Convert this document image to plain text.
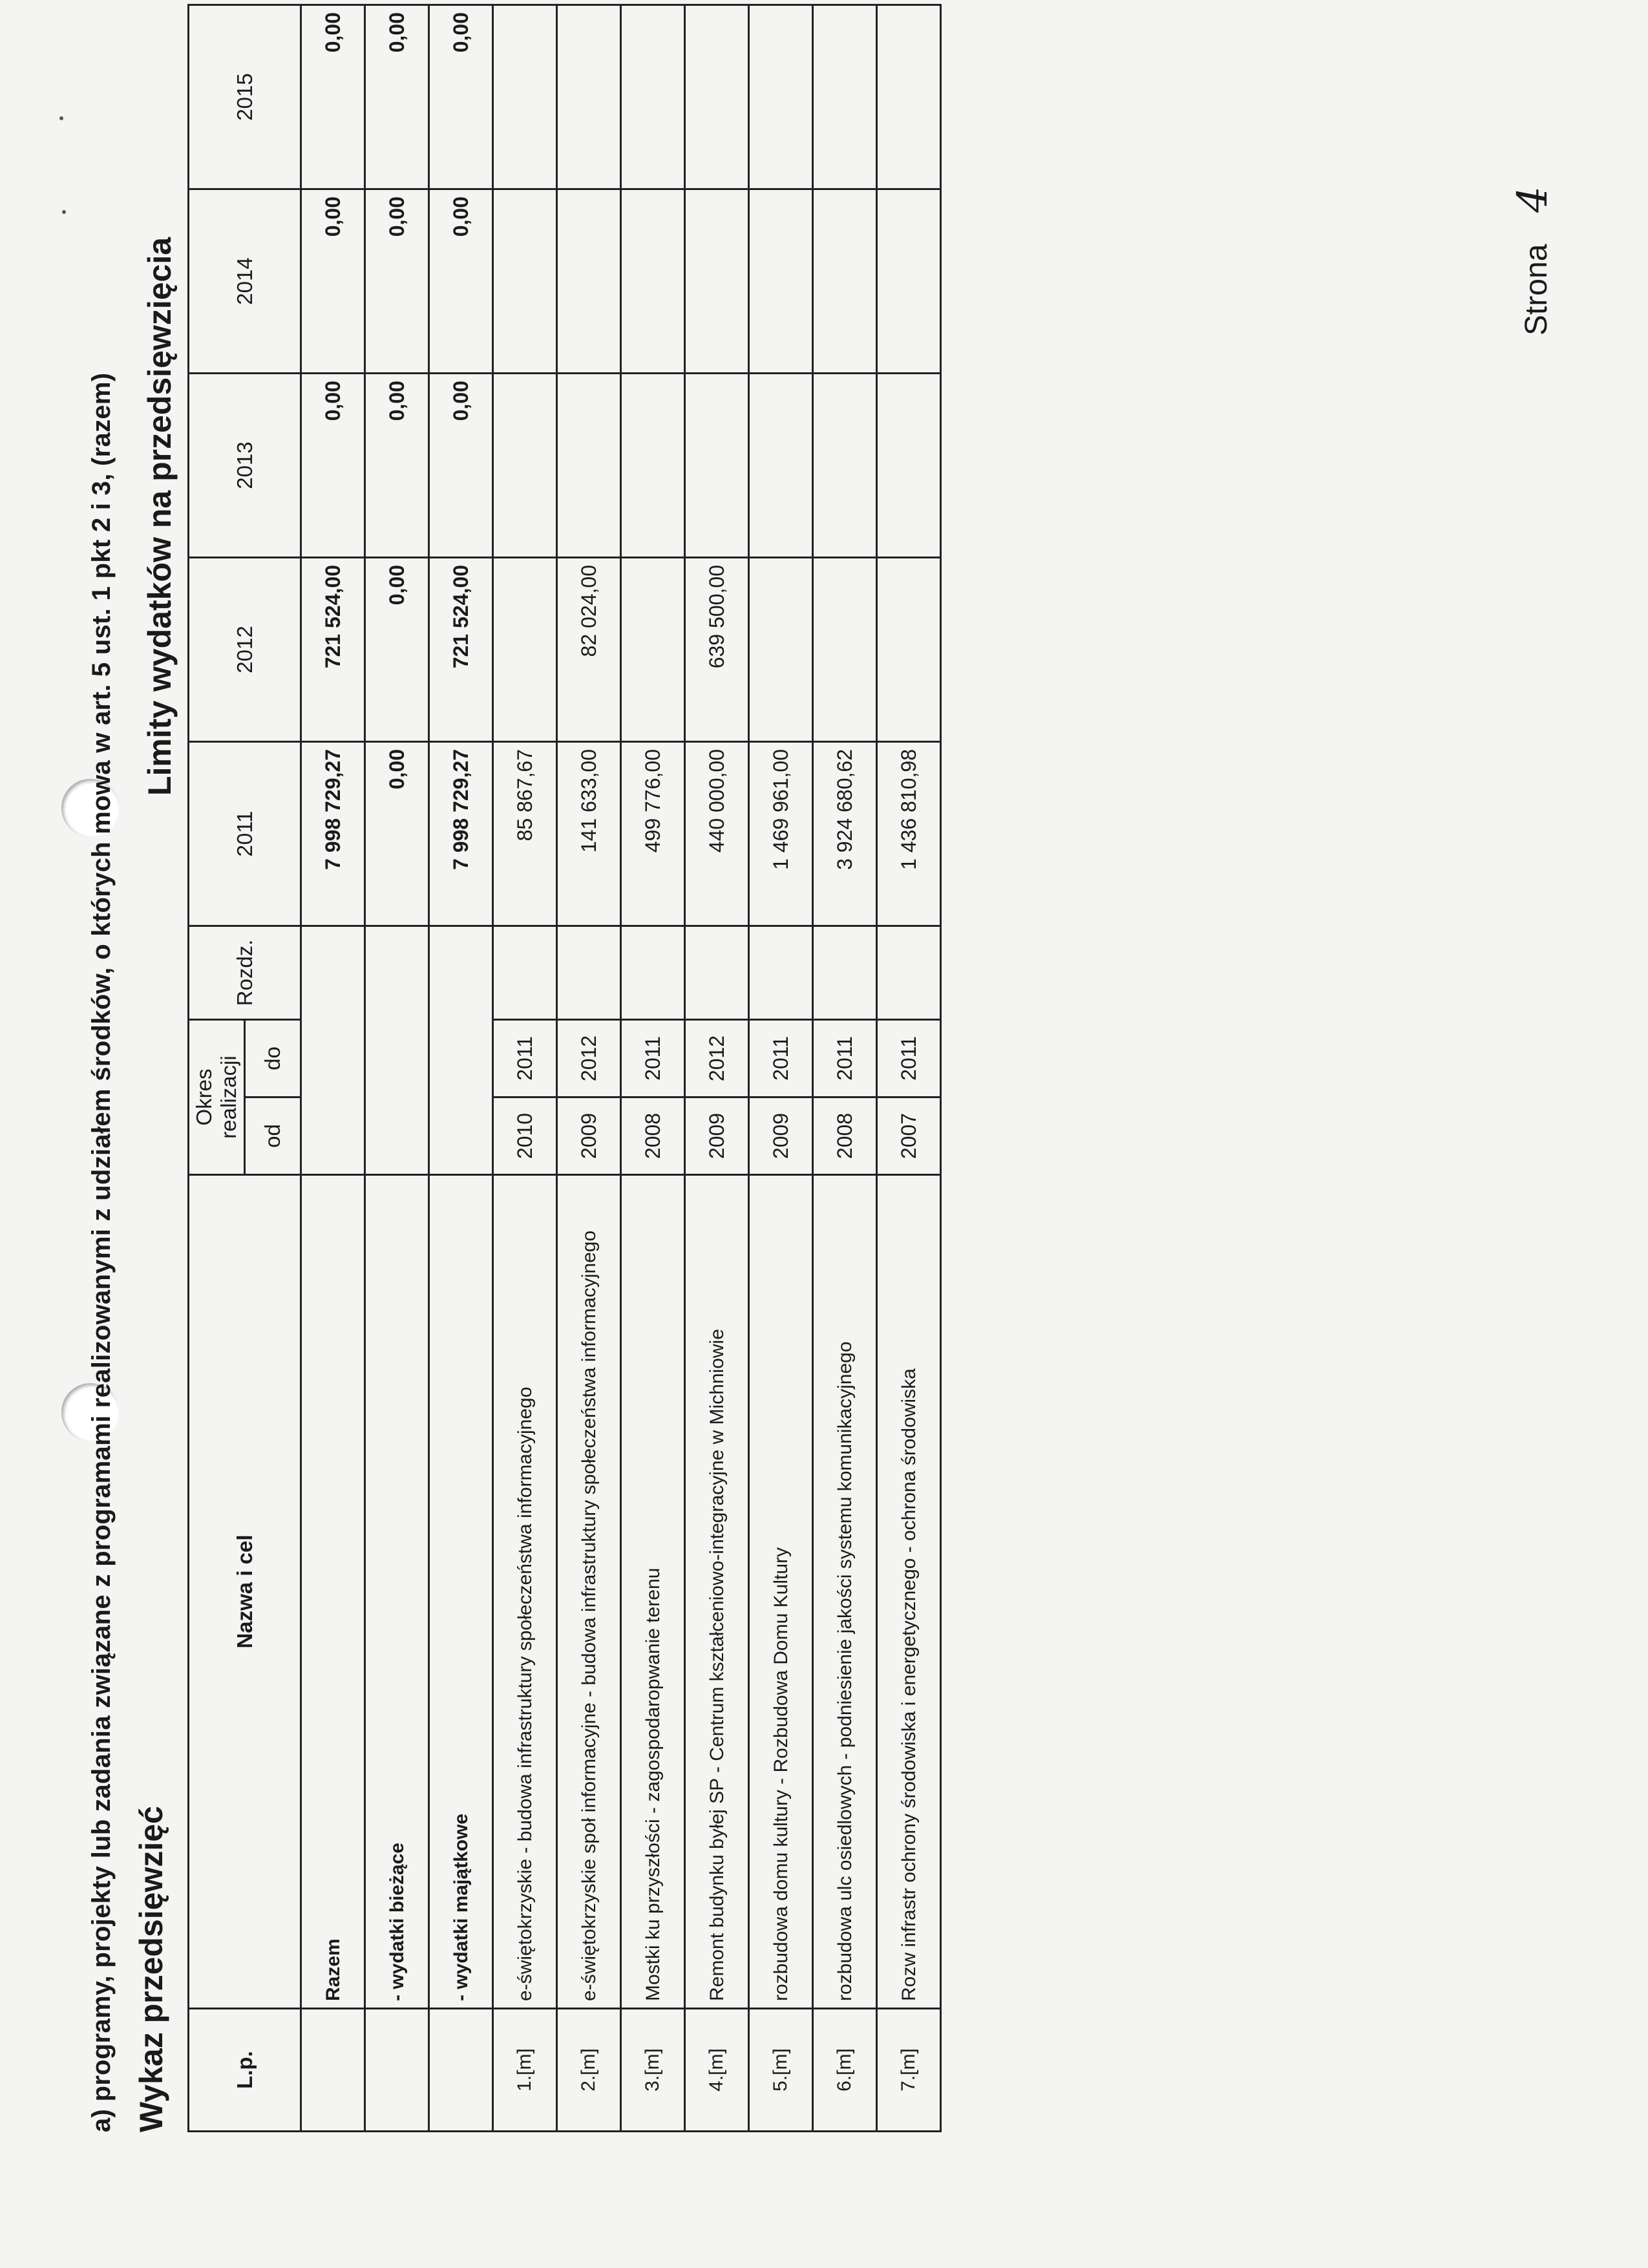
a) programy, projekty lub zadania związane z programami realizowanymi z udziałem środków, o których mowa w art. 5 ust. 1 pkt 2 i 3, (razem) Wykaz przedsięwzięć
Limity wydatków na przedsięwzięcia
L.p.	Nazwa i cel	Okres realizacji		Rozdz.	2011	2012	2013	2014	2015
		od	do						
	Razem				7 998 729,27	721 524,00	0,00	0,00	0,00
	- wydatki bieżące				0,00	0,00	0,00	0,00	0,00
	- wydatki majątkowe				7 998 729,27	721 524,00	0,00	0,00	0,00
1.[m]	e-świętokrzyskie - budowa infrastruktury społeczeństwa informacyjnego	2010	2011		85 867,67				
2.[m]	e-świętokrzyskie społ informacyjne - budowa infrastruktury społeczeństwa informacyjnego	2009	2012		141 633,00	82 024,00			
3.[m]	Mostki ku przyszłości - zagospodaropwanie terenu	2008	2011		499 776,00				
4.[m]	Remont budynku byłej SP - Centrum kształceniowo-integracyjne w Michniowie	2009	2012		440 000,00	639 500,00			
5.[m]	rozbudowa domu kultury - Rozbudowa Domu Kultury	2009	2011		1 469 961,00				
6.[m]	rozbudowa ulc osiedlowych - podniesienie jakości systemu komunikacyjnego	2008	2011		3 924 680,62				
7.[m]	Rozw infrastr ochrony środowiska i energetycznego - ochrona środowiska	2007	2011		1 436 810,98				
Strona
4
